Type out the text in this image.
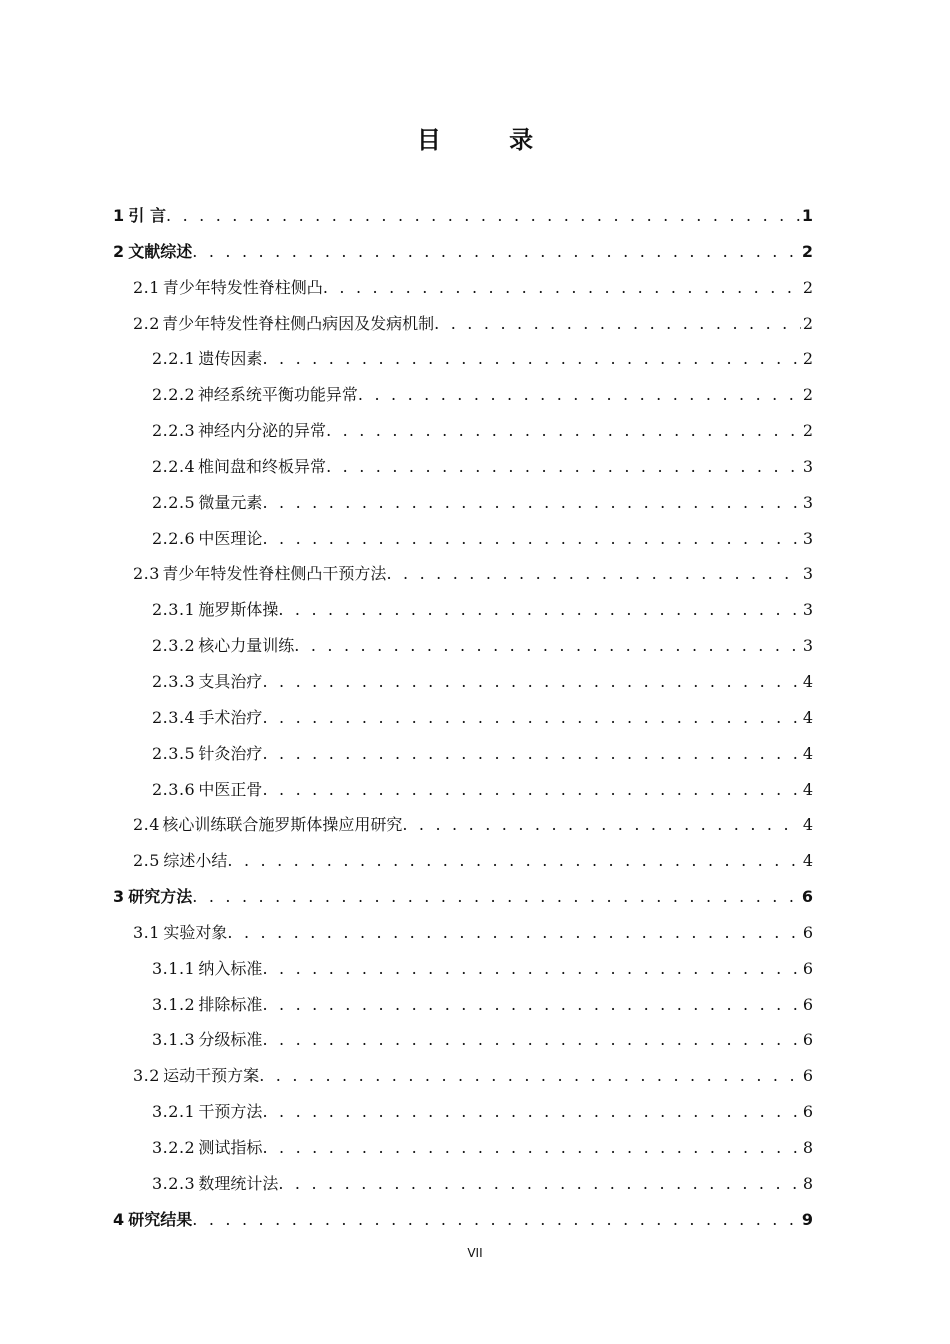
目 录
1 引 言 . . .	1
2 文献综述 . . .	2
2.1 青少年特发性脊柱侧凸 . . .	2
2.2 青少年特发性脊柱侧凸病因及发病机制 . . .	2
2.2.1 遗传因素 . . .	2
2.2.2 神经系统平衡功能异常 . . .	2
2.2.3 神经内分泌的异常 . . .	2
2.2.4 椎间盘和终板异常 . . .	3
2.2.5 微量元素 . . .	3
2.2.6 中医理论 . . .	3
2.3 青少年特发性脊柱侧凸干预方法 . . .	3
2.3.1 施罗斯体操 . . .	3
2.3.2 核心力量训练 . . .	3
2.3.3 支具治疗 . . .	4
2.3.4 手术治疗 . . .	4
2.3.5 针灸治疗 . . .	4
2.3.6 中医正骨 . . .	4
2.4 核心训练联合施罗斯体操应用研究 . . .	4
2.5 综述小结 . . .	4
3 研究方法 . . .	6
3.1 实验对象 . . .	6
3.1.1 纳入标准 . . .	6
3.1.2 排除标准 . . .	6
3.1.3 分级标准 . . .	6
3.2 运动干预方案 . . .	6
3.2.1 干预方法 . . .	6
3.2.2 测试指标 . . .	8
3.2.3 数理统计法 . . .	8
4 研究结果 . . .	9
VII
